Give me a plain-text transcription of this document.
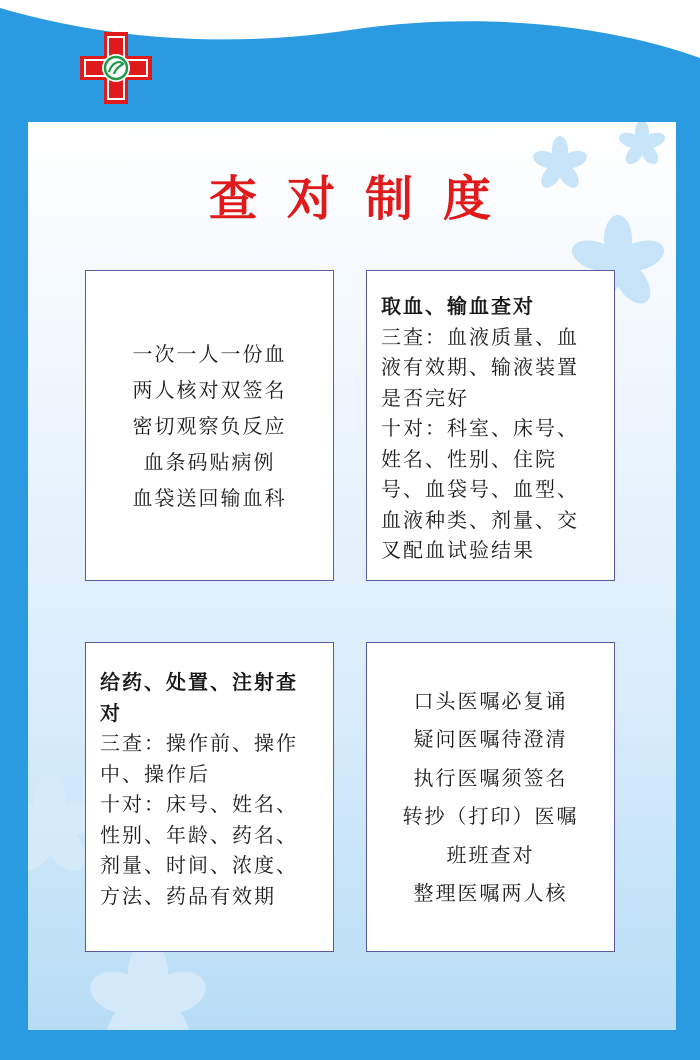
查对制度
一次一人一份血
两人核对双签名
密切观察负反应
血条码贴病例
血袋送回输血科
取血、输血查对
三查：血液质量、血
液有效期、输液装置
是否完好
十对：科室、床号、
姓名、性别、住院
号、血袋号、血型、
血液种类、剂量、交
叉配血试验结果
给药、处置、注射查
对
三查：操作前、操作
中、操作后
十对：床号、姓名、
性别、年龄、药名、
剂量、时间、浓度、
方法、药品有效期
口头医嘱必复诵
疑问医嘱待澄清
执行医嘱须签名
转抄（打印）医嘱
班班查对
整理医嘱两人核
